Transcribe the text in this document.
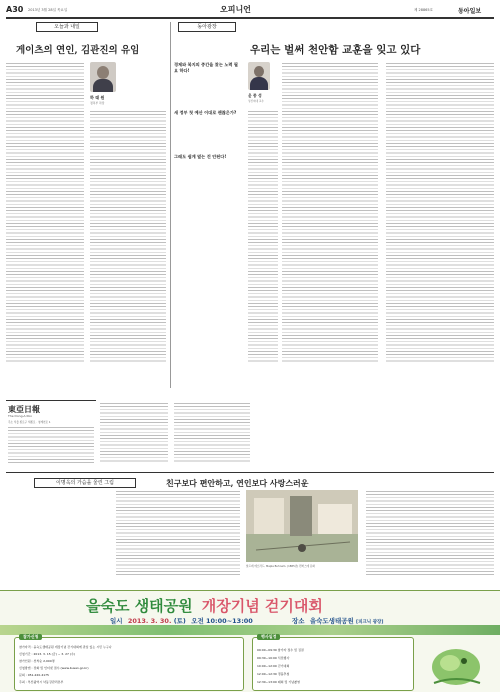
A30 2013년 3월 28일 목요일	오피니언	제 28865호	동아일보
오늘과 내일
게이츠의 연인, 김관진의 유임
하 태 원
정치부 차장
동아광장
경제와 복지의 중간을 찾는 노력 필요 하다!
새 정부 첫 예산 이대로 괜찮은가?
그래도 쉽게 덮는 건 안된다!
우리는 벌써 천안함 교훈을 잊고 있다
윤 종 성
성신여대 교수
東亞日報
The Dong-A Ilbo
주소 서울 종로구 세종로 · 청계천로 1
이명옥의 가슴을 울린 그림	친구보다 편안하고, 연인보다 사랑스러운
알프레 에브라드, Maple Buhnam. (1885년) 캔버스에 유화
을숙도 생태공원 개장기념 걷기대회
일시 2013. 3. 30. (토) 오전 10:00~13:00	장소 을숙도생태공원 [피크닉 광장]
참가신청
참가자격 : 을숙도생태공원 개장기념 걷기대회에 관심 있는 시민 누구나
신청기간 : 2013. 3. 15 (금) ~ 3. 27 (수)
참가인원 : 선착순 2,000명
신청방법 : 전화 및 인터넷 접수 (www.busan.go.kr)
문의 : 051-220-4175
주최 : 부산광역시 낙동강관리본부
행사일정
09:00~09:30 참가자 접수 및 집결
09:30~10:00 식전행사
10:00~12:00 걷기대회
12:00~12:30 경품추첨
12:30~13:00 폐회 및 기념촬영
